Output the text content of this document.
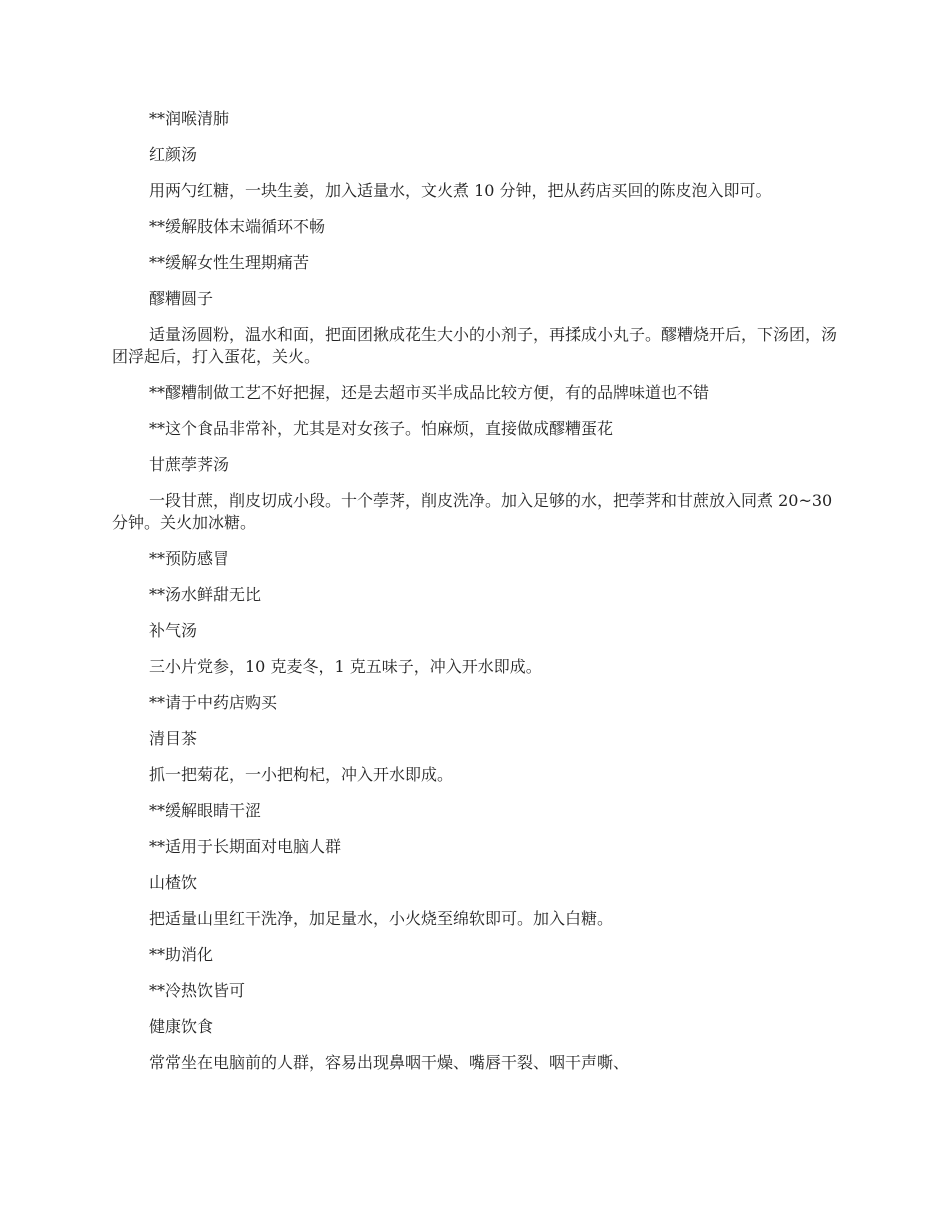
**润喉清肺

红颜汤

用两勺红糖，一块生姜，加入适量水，文火煮 10 分钟，把从药店买回的陈皮泡入即可。

**缓解肢体末端循环不畅

**缓解女性生理期痛苦

醪糟圆子

适量汤圆粉，温水和面，把面团揪成花生大小的小剂子，再揉成小丸子。醪糟烧开后，下汤团，汤团浮起后，打入蛋花，关火。

**醪糟制做工艺不好把握，还是去超市买半成品比较方便，有的品牌味道也不错

**这个食品非常补，尤其是对女孩子。怕麻烦，直接做成醪糟蛋花

甘蔗荸荠汤

一段甘蔗，削皮切成小段。十个荸荠，削皮洗净。加入足够的水，把荸荠和甘蔗放入同煮 20~30 分钟。关火加冰糖。

**预防感冒

**汤水鲜甜无比

补气汤

三小片党参，10 克麦冬，1 克五味子，冲入开水即成。

**请于中药店购买

清目茶

抓一把菊花，一小把枸杞，冲入开水即成。

**缓解眼睛干涩

**适用于长期面对电脑人群

山楂饮

把适量山里红干洗净，加足量水，小火烧至绵软即可。加入白糖。

**助消化

**冷热饮皆可

健康饮食

常常坐在电脑前的人群，容易出现鼻咽干燥、嘴唇干裂、咽干声嘶、
